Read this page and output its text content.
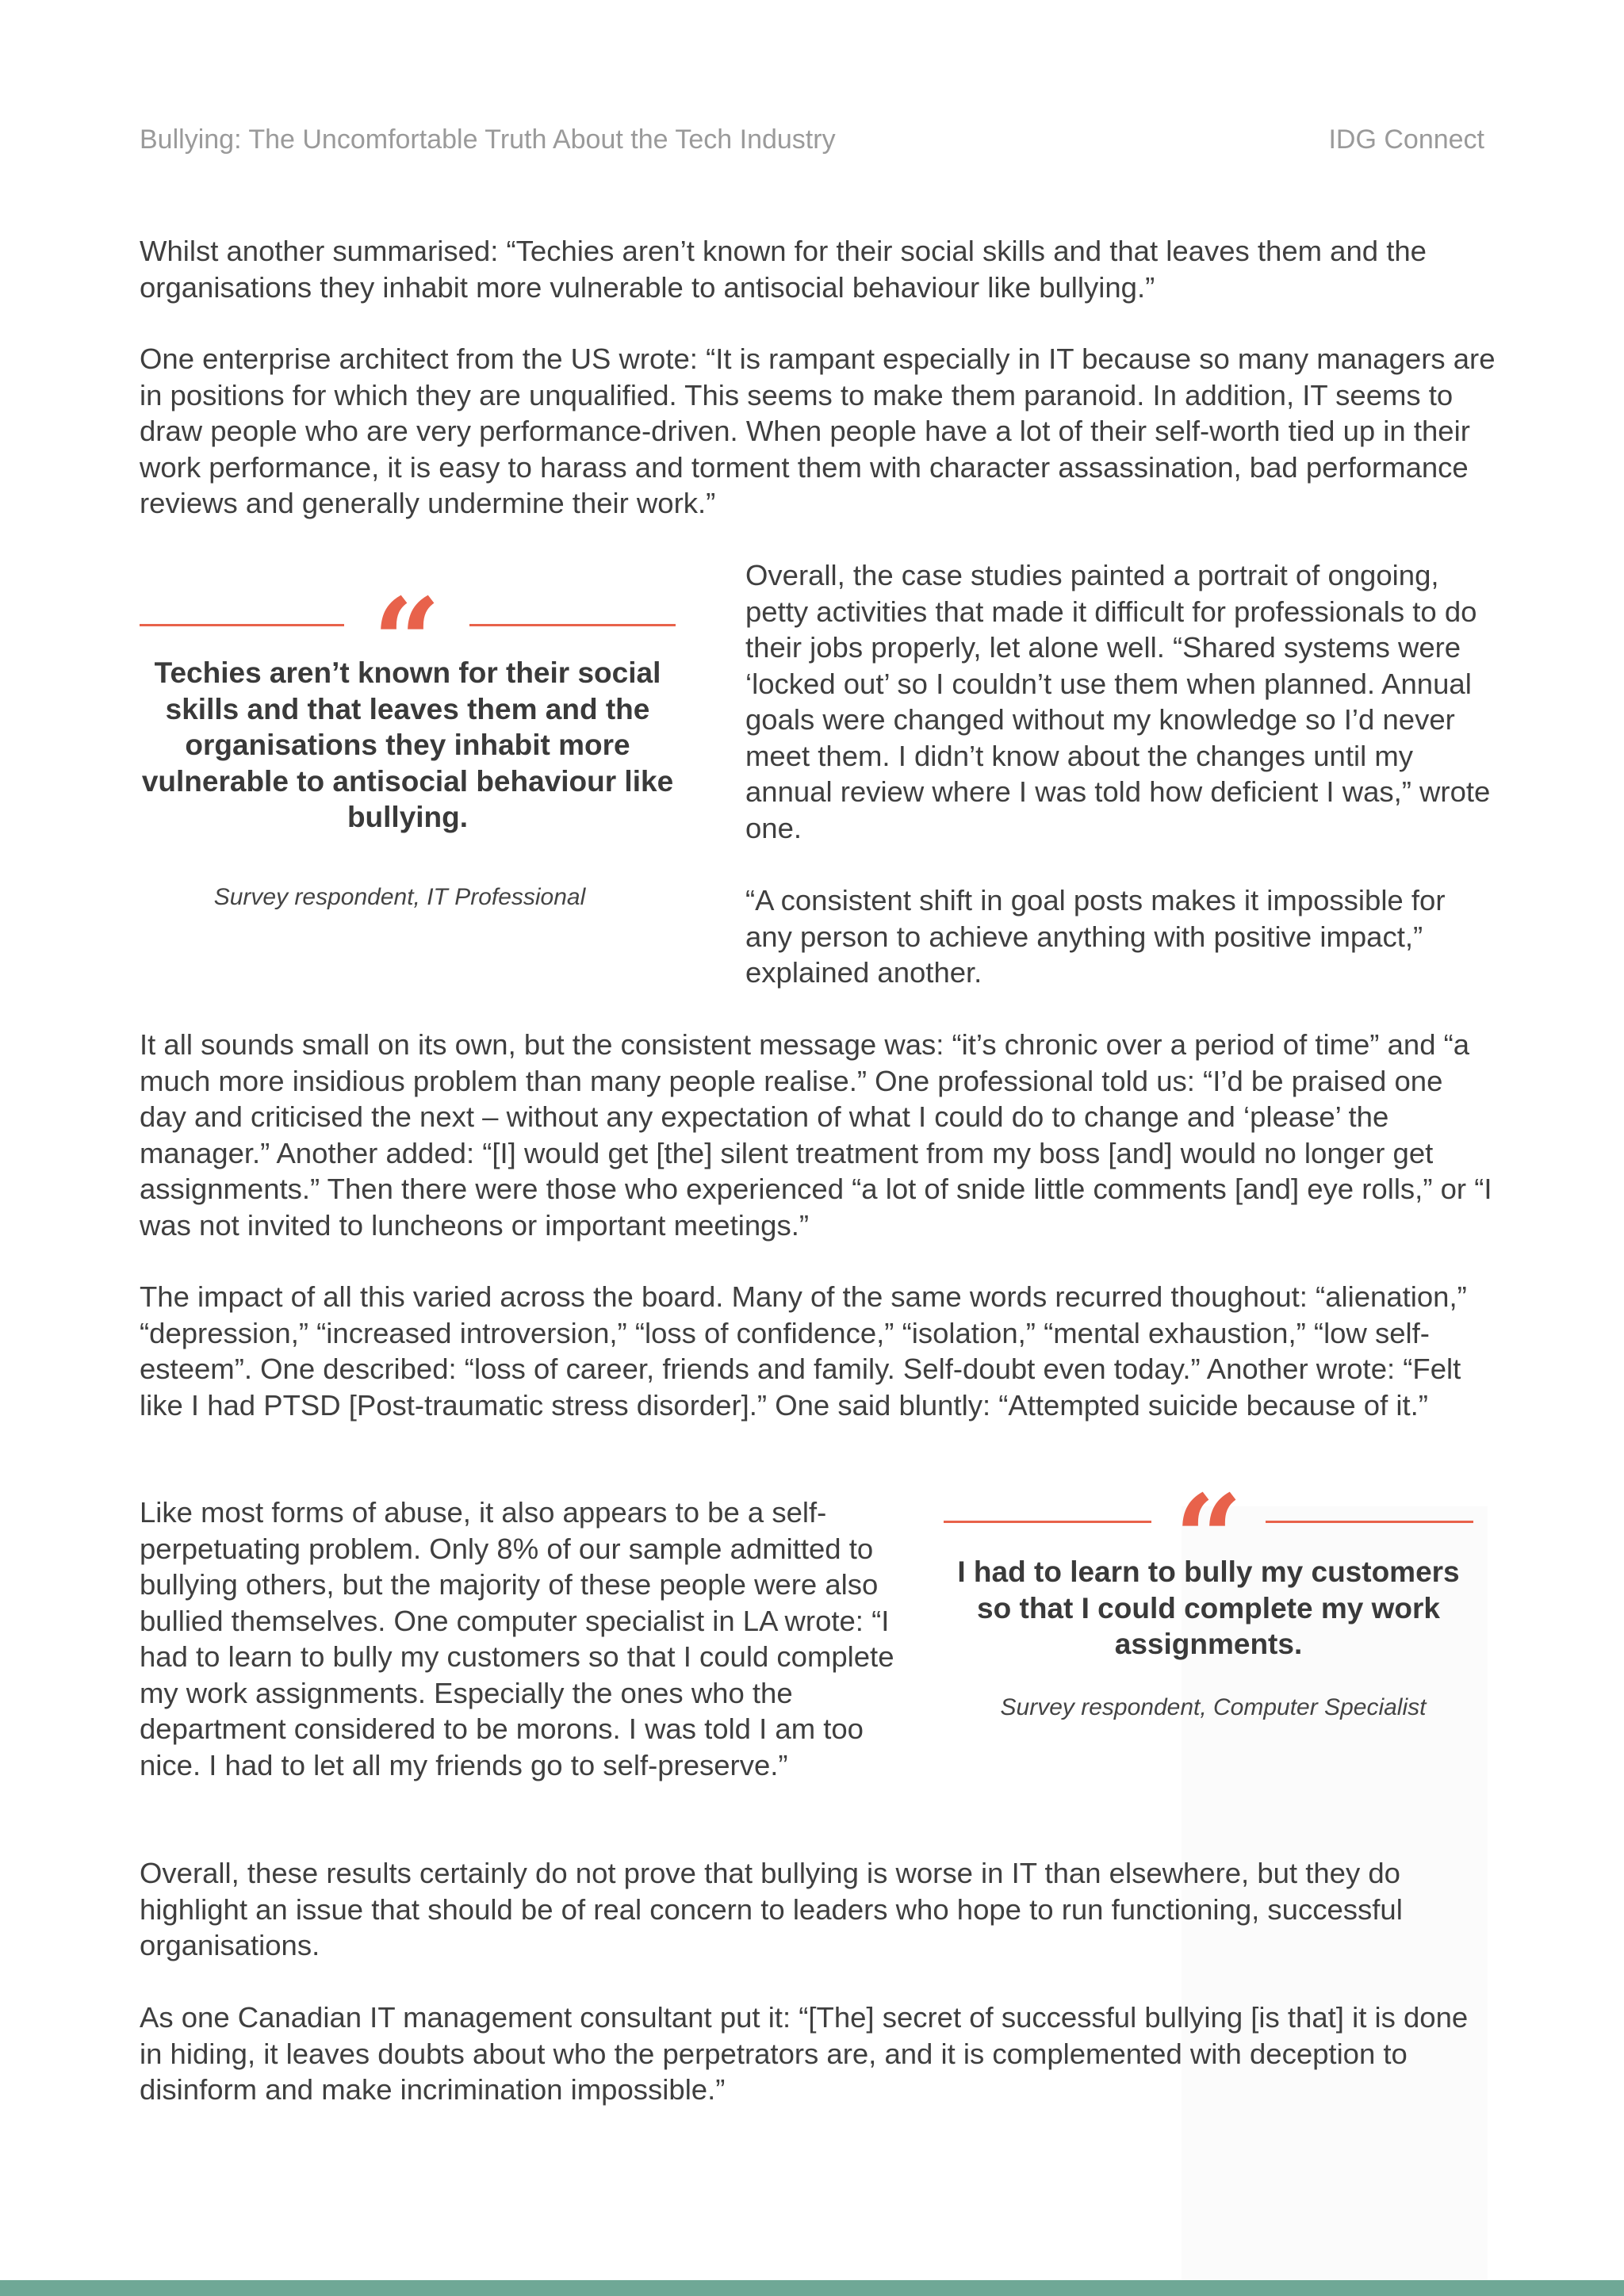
Bullying: The Uncomfortable Truth About the Tech Industry	IDG Connect

Whilst another summarised: “Techies aren’t known for their social skills and that leaves them and the organisations they inhabit more vulnerable to antisocial behaviour like bullying.”

One enterprise architect from the US wrote: “It is rampant especially in IT because so many managers are in positions for which they are unqualified. This seems to make them paranoid. In addition, IT seems to draw people who are very performance-driven. When people have a lot of their self-worth tied up in their work performance, it is easy to harass and torment them with character assassination, bad performance reviews and generally undermine their work.”

“

Techies aren’t known for their social skills and that leaves them and the organisations they inhabit more vulnerable to antisocial behaviour like bullying.

Survey respondent, IT Professional

Overall, the case studies painted a portrait of ongoing, petty activities that made it difficult for professionals to do their jobs properly, let alone well. “Shared systems were ‘locked out’ so I couldn’t use them when planned. Annual goals were changed without my knowledge so I’d never meet them. I didn’t know about the changes until my annual review where I was told how deficient I was,” wrote one.

“A consistent shift in goal posts makes it impossible for any person to achieve anything with positive impact,” explained another.

It all sounds small on its own, but the consistent message was: “it’s chronic over a period of time” and “a much more insidious problem than many people realise.” One professional told us: “I’d be praised one day and criticised the next – without any expectation of what I could do to change and ‘please’ the manager.” Another added: “[I] would get [the] silent treatment from my boss [and] would no longer get assignments.” Then there were those who experienced “a lot of snide little comments [and] eye rolls,” or “I was not invited to luncheons or important meetings.”

The impact of all this varied across the board. Many of the same words recurred thoughout: “alienation,” “depression,” “increased introversion,” “loss of confidence,” “isolation,” “mental exhaustion,” “low self-esteem”. One described: “loss of career, friends and family. Self-doubt even today.” Another wrote: “Felt like I had PTSD [Post-traumatic stress disorder].” One said bluntly: “Attempted suicide because of it.”

Like most forms of abuse, it also appears to be a self-perpetuating problem. Only 8% of our sample admitted to bullying others, but the majority of these people were also bullied themselves. One computer specialist in LA wrote: “I had to learn to bully my customers so that I could complete my work assignments. Especially the ones who the department considered to be morons. I was told I am too nice. I had to let all my friends go to self-preserve.”

“

I had to learn to bully my customers so that I could complete my work assignments.

Survey respondent, Computer Specialist

Overall, these results certainly do not prove that bullying is worse in IT than elsewhere, but they do highlight an issue that should be of real concern to leaders who hope to run functioning, successful organisations.

As one Canadian IT management consultant put it: “[The] secret of successful bullying [is that] it is done in hiding, it leaves doubts about who the perpetrators are, and it is complemented with deception to disinform and make incrimination impossible.”
